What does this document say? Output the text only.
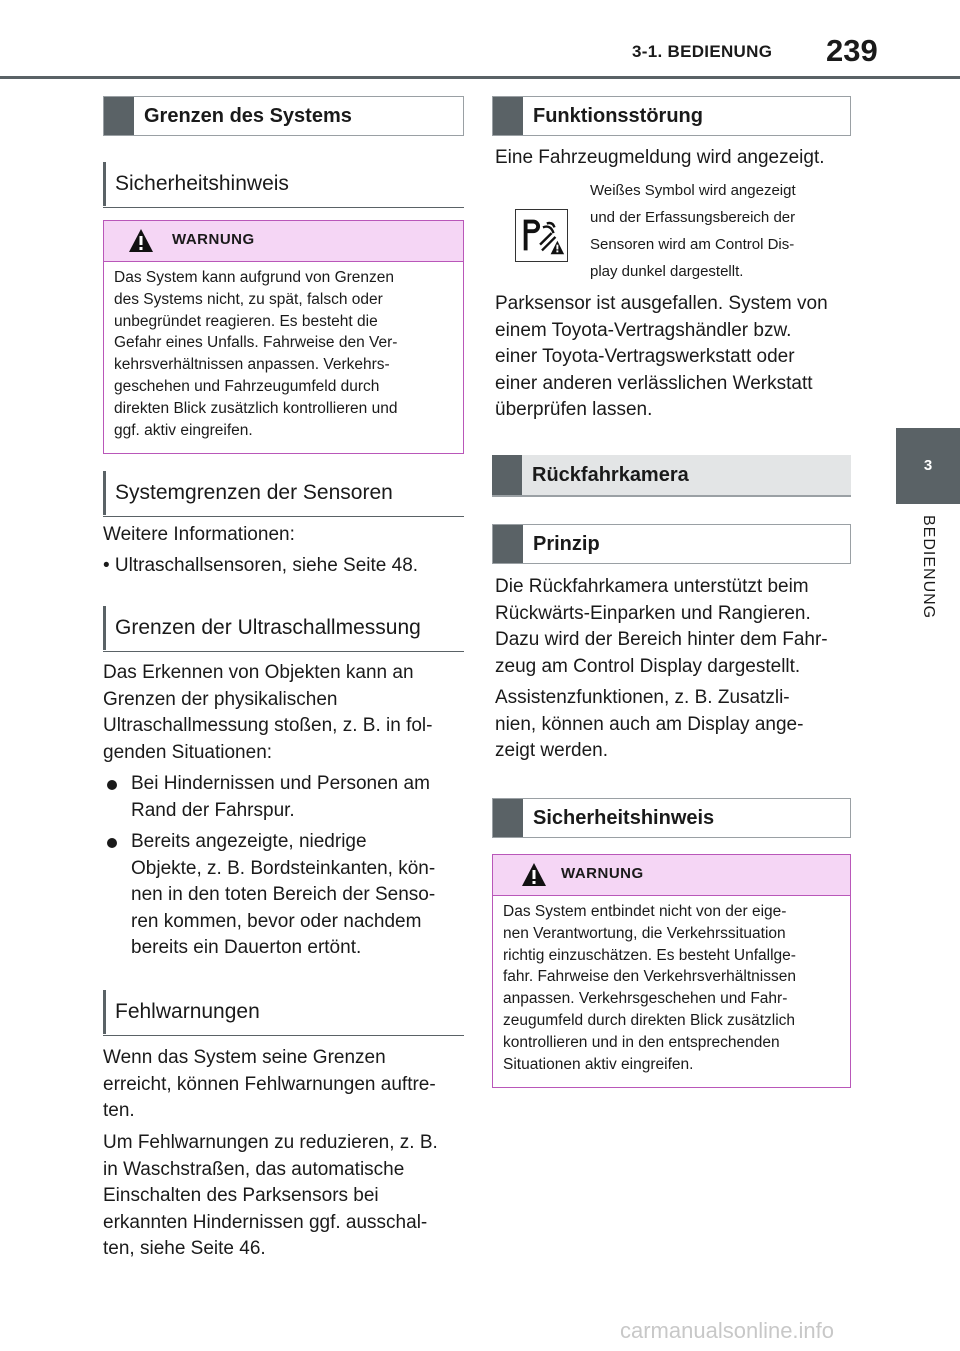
3-1. BEDIENUNG 239
3
BEDIENUNG
Grenzen des Systems
Sicherheitshinweis
WARNUNG
Das System kann aufgrund von Grenzen
des Systems nicht, zu spät, falsch oder
unbegründet reagieren. Es besteht die
Gefahr eines Unfalls. Fahrweise den Ver-
kehrsverhältnissen anpassen. Verkehrs-
geschehen und Fahrzeugumfeld durch
direkten Blick zusätzlich kontrollieren und
ggf. aktiv eingreifen.
Systemgrenzen der Sensoren
Weitere Informationen:
• Ultraschallsensoren, siehe Seite 48.
Grenzen der Ultraschallmessung
Das Erkennen von Objekten kann an
Grenzen der physikalischen
Ultraschallmessung stoßen, z. B. in fol-
genden Situationen:
Bei Hindernissen und Personen am
Rand der Fahrspur.
Bereits angezeigte, niedrige
Objekte, z. B. Bordsteinkanten, kön-
nen in den toten Bereich der Senso-
ren kommen, bevor oder nachdem
bereits ein Dauerton ertönt.
Fehlwarnungen
Wenn das System seine Grenzen
erreicht, können Fehlwarnungen auftre-
ten.
Um Fehlwarnungen zu reduzieren, z. B.
in Waschstraßen, das automatische
Einschalten des Parksensors bei
erkannten Hindernissen ggf. ausschal-
ten, siehe Seite 46.
Funktionsstörung
Eine Fahrzeugmeldung wird angezeigt.
Weißes Symbol wird angezeigt
und der Erfassungsbereich der
Sensoren wird am Control Dis-
play dunkel dargestellt.
Parksensor ist ausgefallen. System von
einem Toyota-Vertragshändler bzw.
einer Toyota-Vertragswerkstatt oder
einer anderen verlässlichen Werkstatt
überprüfen lassen.
Rückfahrkamera
Prinzip
Die Rückfahrkamera unterstützt beim
Rückwärts-Einparken und Rangieren.
Dazu wird der Bereich hinter dem Fahr-
zeug am Control Display dargestellt.
Assistenzfunktionen, z. B. Zusatzli-
nien, können auch am Display ange-
zeigt werden.
Sicherheitshinweis
WARNUNG
Das System entbindet nicht von der eige-
nen Verantwortung, die Verkehrssituation
richtig einzuschätzen. Es besteht Unfallge-
fahr. Fahrweise den Verkehrsverhältnissen
anpassen. Verkehrsgeschehen und Fahr-
zeugumfeld durch direkten Blick zusätzlich
kontrollieren und in den entsprechenden
Situationen aktiv eingreifen.
carmanualsonline.info
